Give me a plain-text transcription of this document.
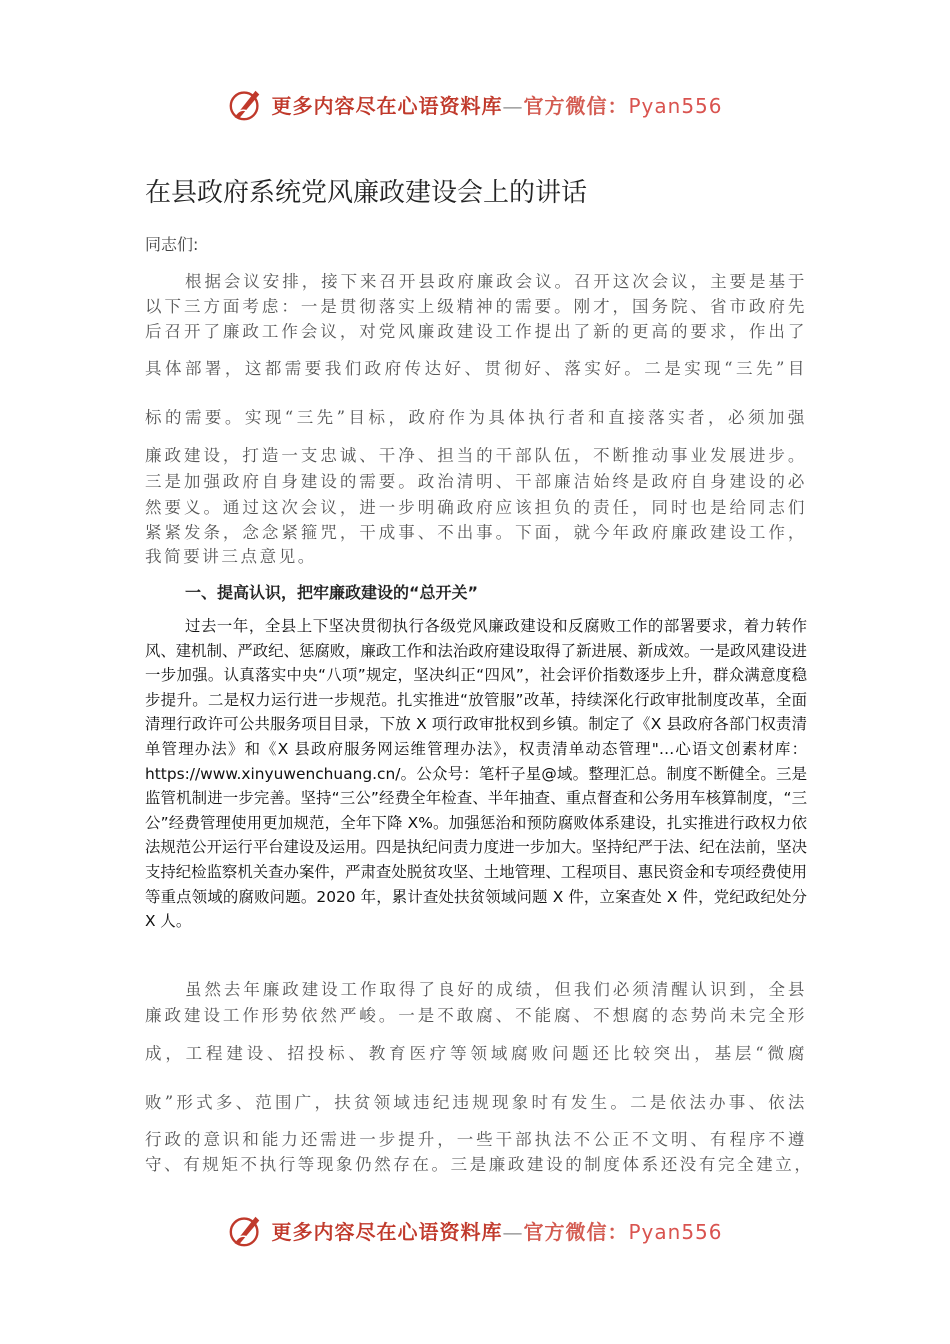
更多内容尽在心语资料库—官方微信：Pyan556
在县政府系统党风廉政建设会上的讲话
同志们:
根据会议安排，接下来召开县政府廉政会议。召开这次会议，主要是基于
以下三方面考虑：一是贯彻落实上级精神的需要。刚才，国务院、省市政府先
后召开了廉政工作会议，对党风廉政建设工作提出了新的更高的要求，作出了
具体部署，这都需要我们政府传达好、贯彻好、落实好。二是实现“三先”目
标的需要。实现“三先”目标，政府作为具体执行者和直接落实者，必须加强
廉政建设，打造一支忠诚、干净、担当的干部队伍，不断推动事业发展进步。
三是加强政府自身建设的需要。政治清明、干部廉洁始终是政府自身建设的必
然要义。通过这次会议，进一步明确政府应该担负的责任，同时也是给同志们
紧紧发条，念念紧箍咒，干成事、不出事。下面，就今年政府廉政建设工作，
我简要讲三点意见。
一、提高认识，把牢廉政建设的“总开关”

过去一年，全县上下坚决贯彻执行各级党风廉政建设和反腐败工作的部署要求，着力转作风、建机制、严政纪、惩腐败，廉政工作和法治政府建设取得了新进展、新成效。一是政风建设进一步加强。认真落实中央“八项”规定，坚决纠正“四风”，社会评价指数逐步上升，群众满意度稳步提升。二是权力运行进一步规范。扎实推进“放管服”改革，持续深化行政审批制度改革，全面清理行政许可公共服务项目目录，下放 X 项行政审批权到乡镇。制定了《X 县政府各部门权责清单管理办法》和《X 县政府服务网运维管理办法》，权责清单动态管理"…心语文创素材库：https://www.xinyuwenchuang.cn/。公众号：笔杆子星@域。整理汇总。制度不断健全。三是监管机制进一步完善。坚持“三公”经费全年检查、半年抽查、重点督查和公务用车核算制度，“三公”经费管理使用更加规范，全年下降 X%。加强惩治和预防腐败体系建设，扎实推进行政权力依法规范公开运行平台建设及运用。四是执纪问责力度进一步加大。坚持纪严于法、纪在法前，坚决支持纪检监察机关查办案件，严肃查处脱贫攻坚、土地管理、工程项目、惠民资金和专项经费使用等重点领域的腐败问题。2020 年，累计查处扶贫领域问题 X 件，立案查处 X 件，党纪政纪处分 X 人。

虽然去年廉政建设工作取得了良好的成绩，但我们必须清醒认识到，全县
廉政建设工作形势依然严峻。一是不敢腐、不能腐、不想腐的态势尚未完全形
成，工程建设、招投标、教育医疗等领域腐败问题还比较突出，基层“微腐
败”形式多、范围广，扶贫领域违纪违规现象时有发生。二是依法办事、依法
行政的意识和能力还需进一步提升，一些干部执法不公正不文明、有程序不遵
守、有规矩不执行等现象仍然存在。三是廉政建设的制度体系还没有完全建立，
更多内容尽在心语资料库—官方微信：Pyan556
